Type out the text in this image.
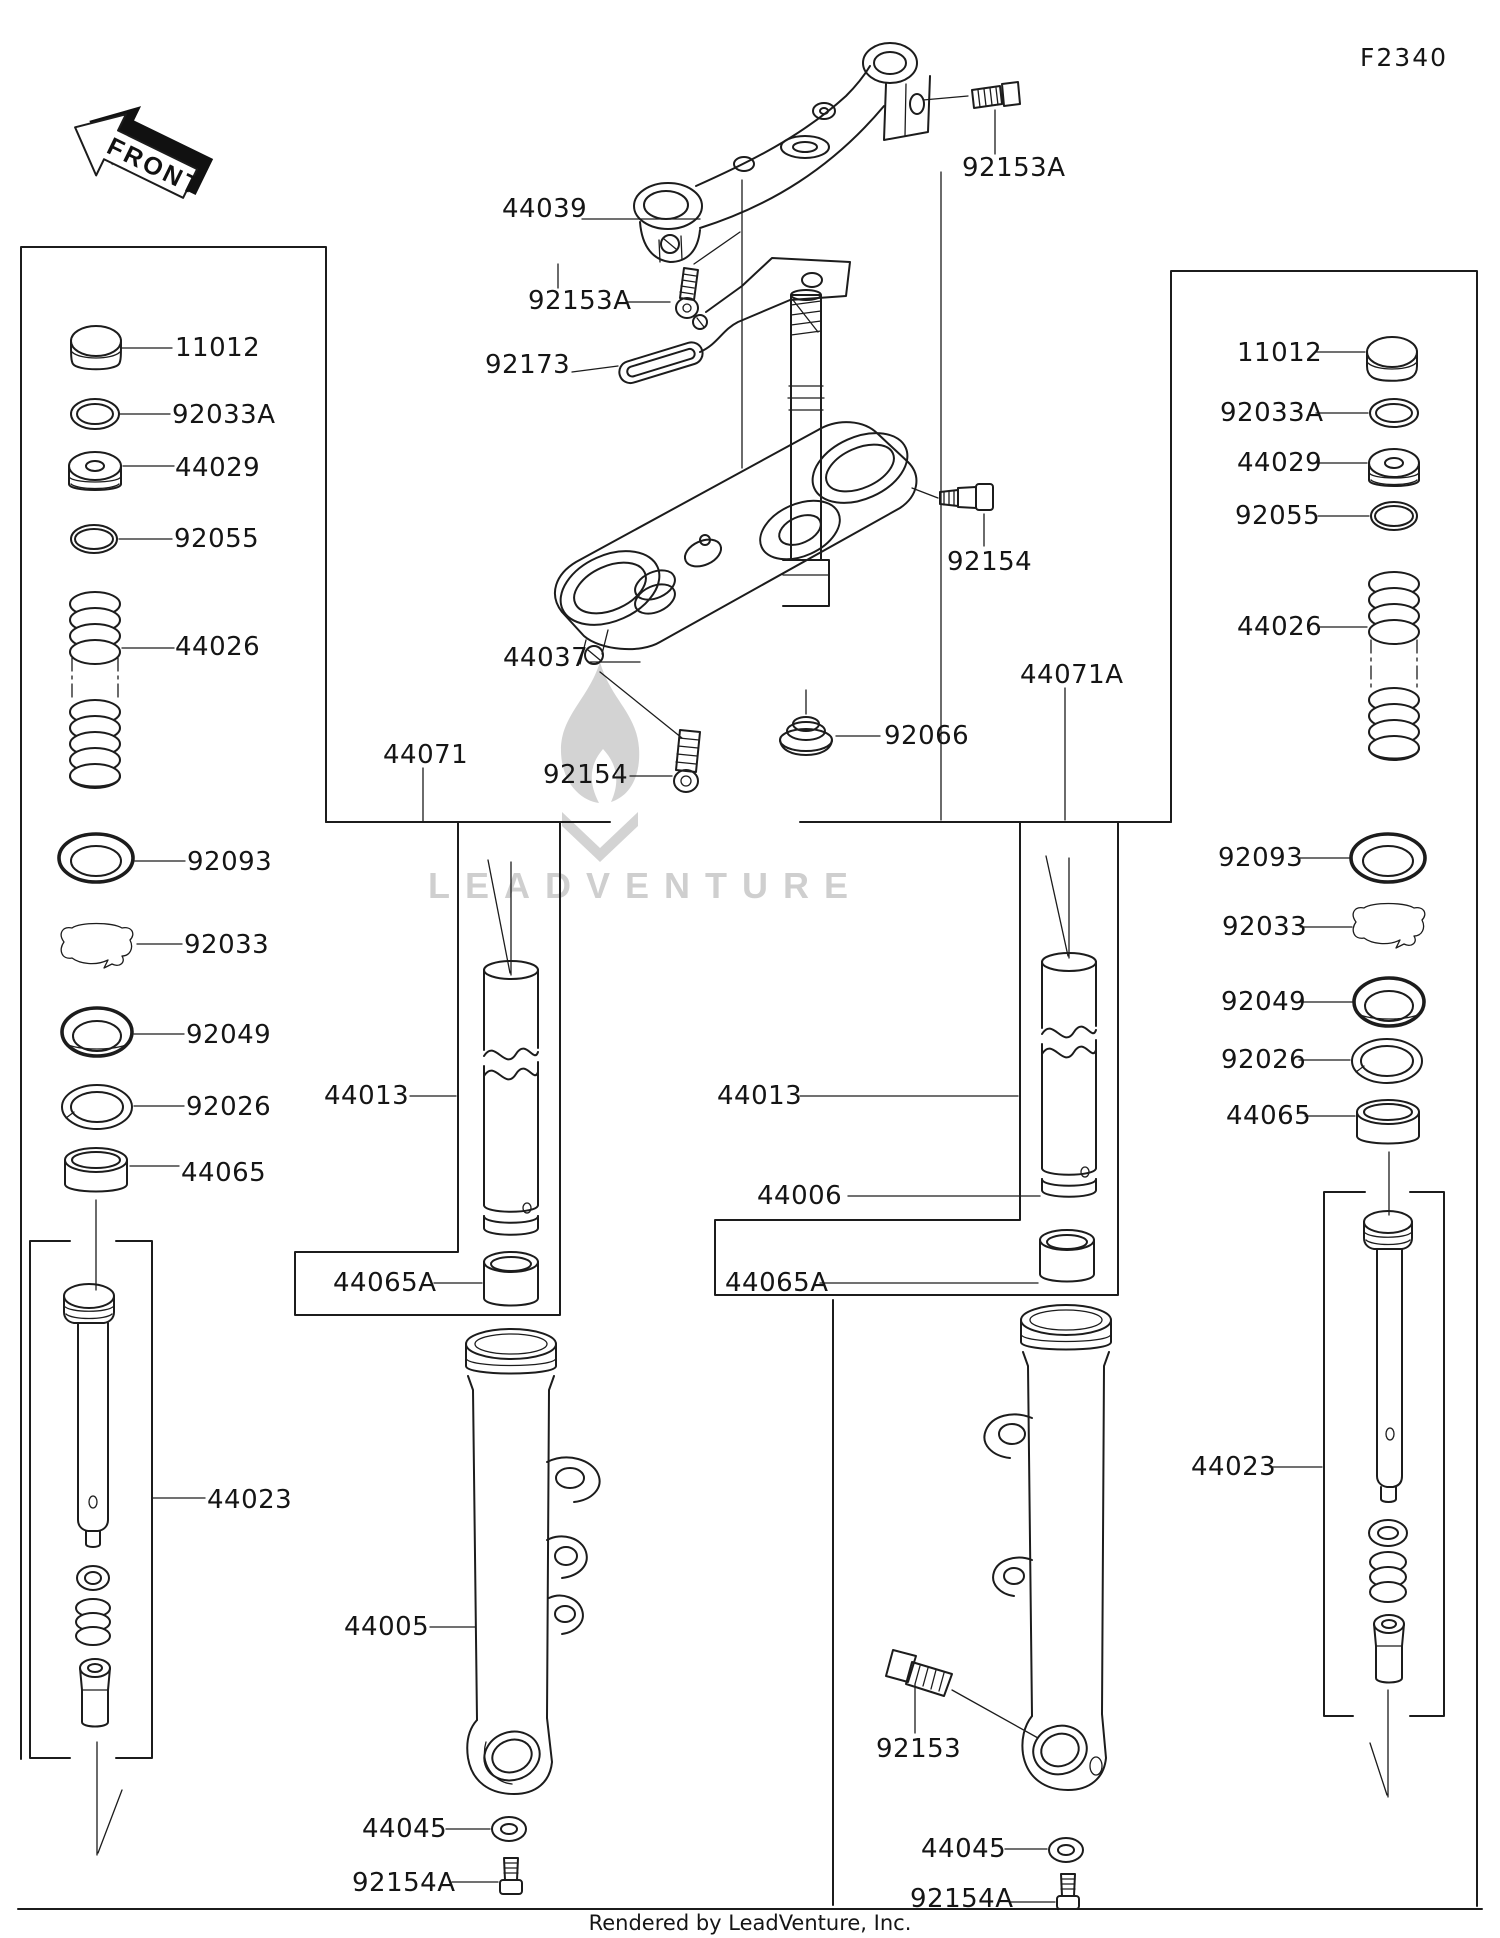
LEADVENTURE
FRONT
F2340
44039
92153A
92153A
92173
44037
92154
92066
92154
44071
44071A
11012
92033A
44029
92055
44026
92093
92033
92049
92026
44065
44023
44013
44065A
44005
44045
92154A
11012
92033A
44029
92055
44026
92093
92033
92049
92026
44065
44023
44013
44065A
44006
92153
44045
92154A
Rendered by LeadVenture, Inc.
